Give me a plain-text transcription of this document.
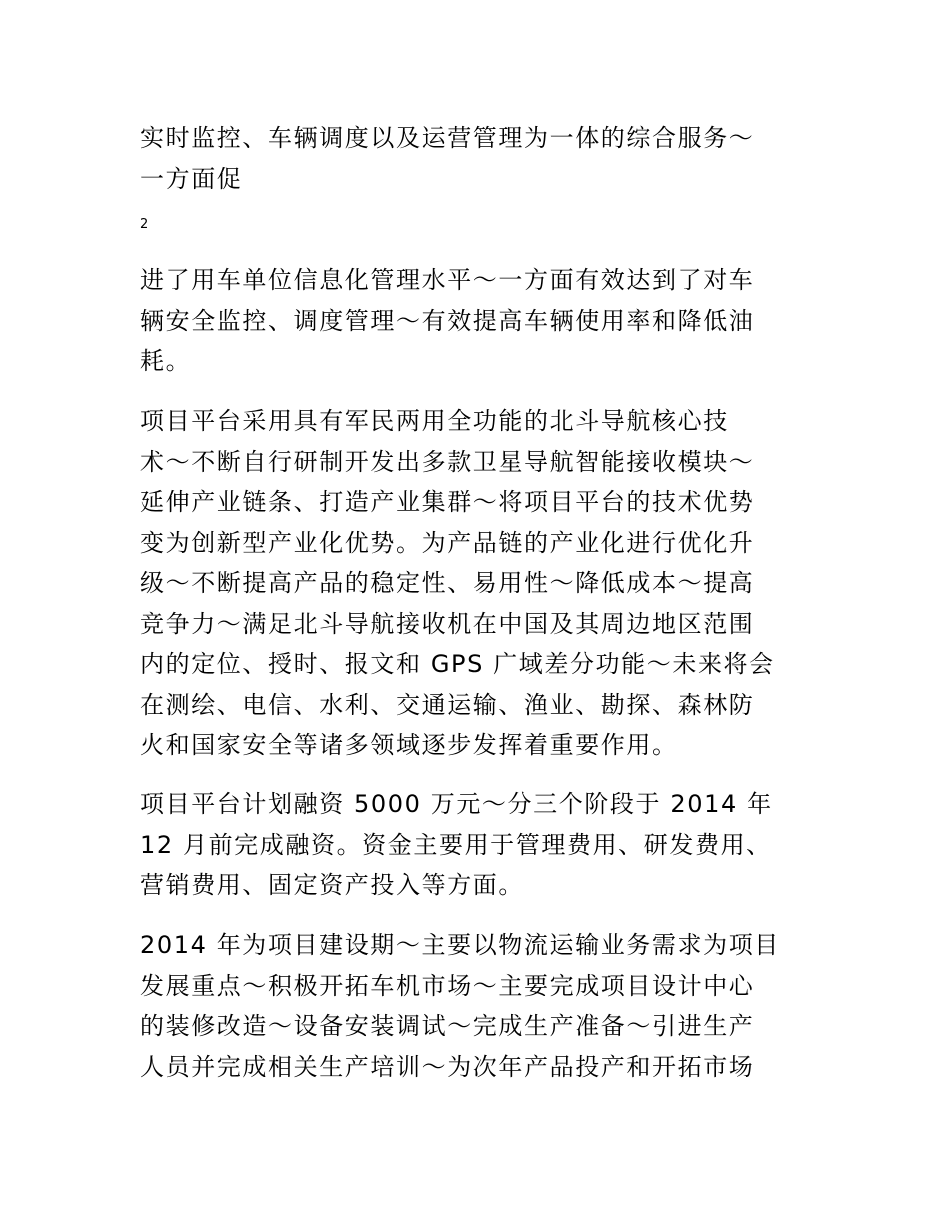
实时监控、车辆调度以及运营管理为一体的综合服务～
一方面促

2

进了用车单位信息化管理水平～一方面有效达到了对车
辆安全监控、调度管理～有效提高车辆使用率和降低油
耗。

项目平台采用具有军民两用全功能的北斗导航核心技
术～不断自行研制开发出多款卫星导航智能接收模块～
延伸产业链条、打造产业集群～将项目平台的技术优势
变为创新型产业化优势。为产品链的产业化进行优化升
级～不断提高产品的稳定性、易用性～降低成本～提高
竞争力～满足北斗导航接收机在中国及其周边地区范围
内的定位、授时、报文和 GPS 广域差分功能～未来将会
在测绘、电信、水利、交通运输、渔业、勘探、森林防
火和国家安全等诸多领域逐步发挥着重要作用。

项目平台计划融资 5000 万元～分三个阶段于 2014 年
12 月前完成融资。资金主要用于管理费用、研发费用、
营销费用、固定资产投入等方面。

2014 年为项目建设期～主要以物流运输业务需求为项目
发展重点～积极开拓车机市场～主要完成项目设计中心
的装修改造～设备安装调试～完成生产准备～引进生产
人员并完成相关生产培训～为次年产品投产和开拓市场
